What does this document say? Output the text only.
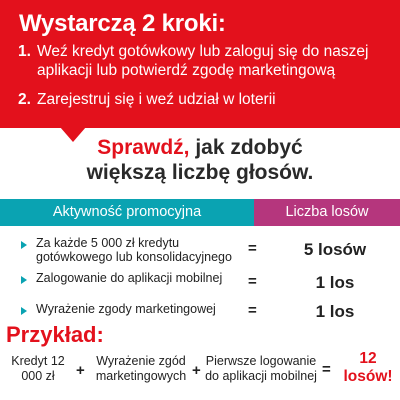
Wystarczą 2 kroki:
1. Weź kredyt gotówkowy lub zaloguj się do naszej aplikacji lub potwierdź zgodę marketingową
2. Zarejestruj się i weź udział w loterii
Sprawdź, jak zdobyć
większą liczbę głosów.
Aktywność promocyjna	Liczba losów
Za każde 5 000 zł kredytu gotówkowego lub konsolidacyjnego	=	5 losów
Zalogowanie do aplikacji mobilnej	=	1 los
Wyrażenie zgody marketingowej	=	1 los
Przykład:
Kredyt 12 000 zł	+
Wyrażenie zgód marketingowych +
Pierwsze logowanie do aplikacji mobilnej =
12
losów!
